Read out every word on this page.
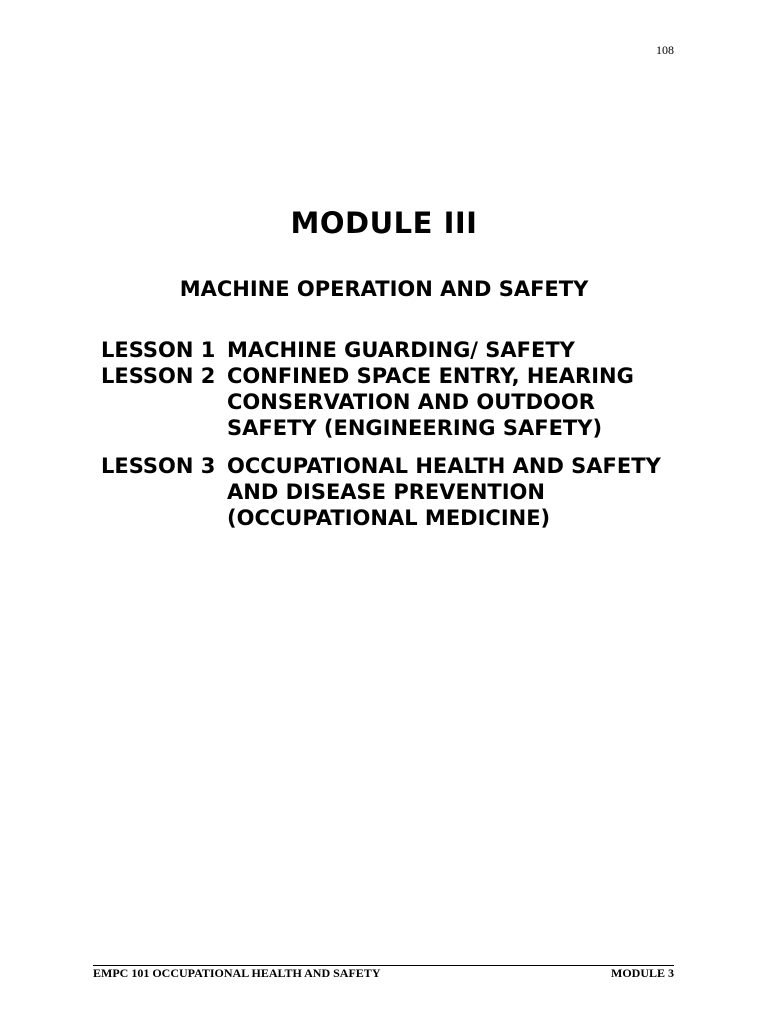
108
MODULE III
MACHINE OPERATION AND SAFETY
LESSON 1 MACHINE GUARDING/ SAFETY
LESSON 2 CONFINED SPACE ENTRY, HEARING CONSERVATION AND OUTDOOR SAFETY (ENGINEERING SAFETY)
LESSON 3 OCCUPATIONAL HEALTH AND SAFETY AND DISEASE PREVENTION (OCCUPATIONAL MEDICINE)
EMPC 101 OCCUPATIONAL HEALTH AND SAFETY	MODULE 3
